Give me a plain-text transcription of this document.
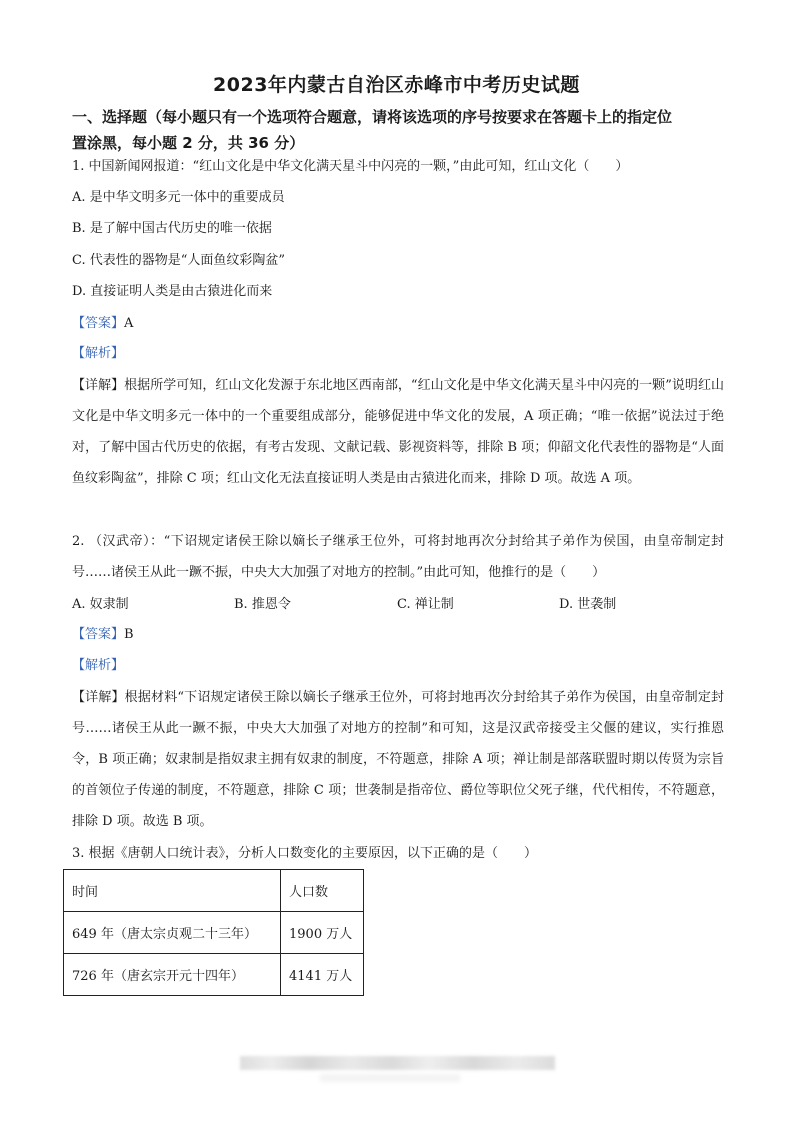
2023年内蒙古自治区赤峰市中考历史试题
一、选择题（每小题只有一个选项符合题意，请将该选项的序号按要求在答题卡上的指定位
置涂黑，每小题 2 分，共 36 分）
1. 中国新闻网报道：“红山文化是中华文化满天星斗中闪亮的一颗，”由此可知，红山文化（　　）
A. 是中华文明多元一体中的重要成员
B. 是了解中国古代历史的唯一依据
C. 代表性的器物是“人面鱼纹彩陶盆”
D. 直接证明人类是由古猿进化而来
【答案】A
【解析】
【详解】根据所学可知，红山文化发源于东北地区西南部，“红山文化是中华文化满天星斗中闪亮的一颗”说明红山文化是中华文明多元一体中的一个重要组成部分，能够促进中华文化的发展，A 项正确；“唯一依据”说法过于绝对，了解中国古代历史的依据，有考古发现、文献记载、影视资料等，排除 B 项；仰韶文化代表性的器物是“人面鱼纹彩陶盆”，排除 C 项；红山文化无法直接证明人类是由古猿进化而来，排除 D 项。故选 A 项。
2. （汉武帝）：“下诏规定诸侯王除以嫡长子继承王位外，可将封地再次分封给其子弟作为侯国，由皇帝制定封号……诸侯王从此一蹶不振，中央大大加强了对地方的控制。”由此可知，他推行的是（　　）
A. 奴隶制	B. 推恩令	C. 禅让制	D. 世袭制
【答案】B
【解析】
【详解】根据材料“下诏规定诸侯王除以嫡长子继承王位外，可将封地再次分封给其子弟作为侯国，由皇帝制定封号……诸侯王从此一蹶不振，中央大大加强了对地方的控制”和可知，这是汉武帝接受主父偃的建议，实行推恩令，B 项正确；奴隶制是指奴隶主拥有奴隶的制度，不符题意，排除 A 项；禅让制是部落联盟时期以传贤为宗旨的首领位子传递的制度，不符题意，排除 C 项；世袭制是指帝位、爵位等职位父死子继，代代相传，不符题意，排除 D 项。故选 B 项。
3. 根据《唐朝人口统计表》，分析人口数变化的主要原因，以下正确的是（　　）
时间	人口数
649 年（唐太宗贞观二十三年）	1900 万人
726 年（唐玄宗开元十四年）	4141 万人
